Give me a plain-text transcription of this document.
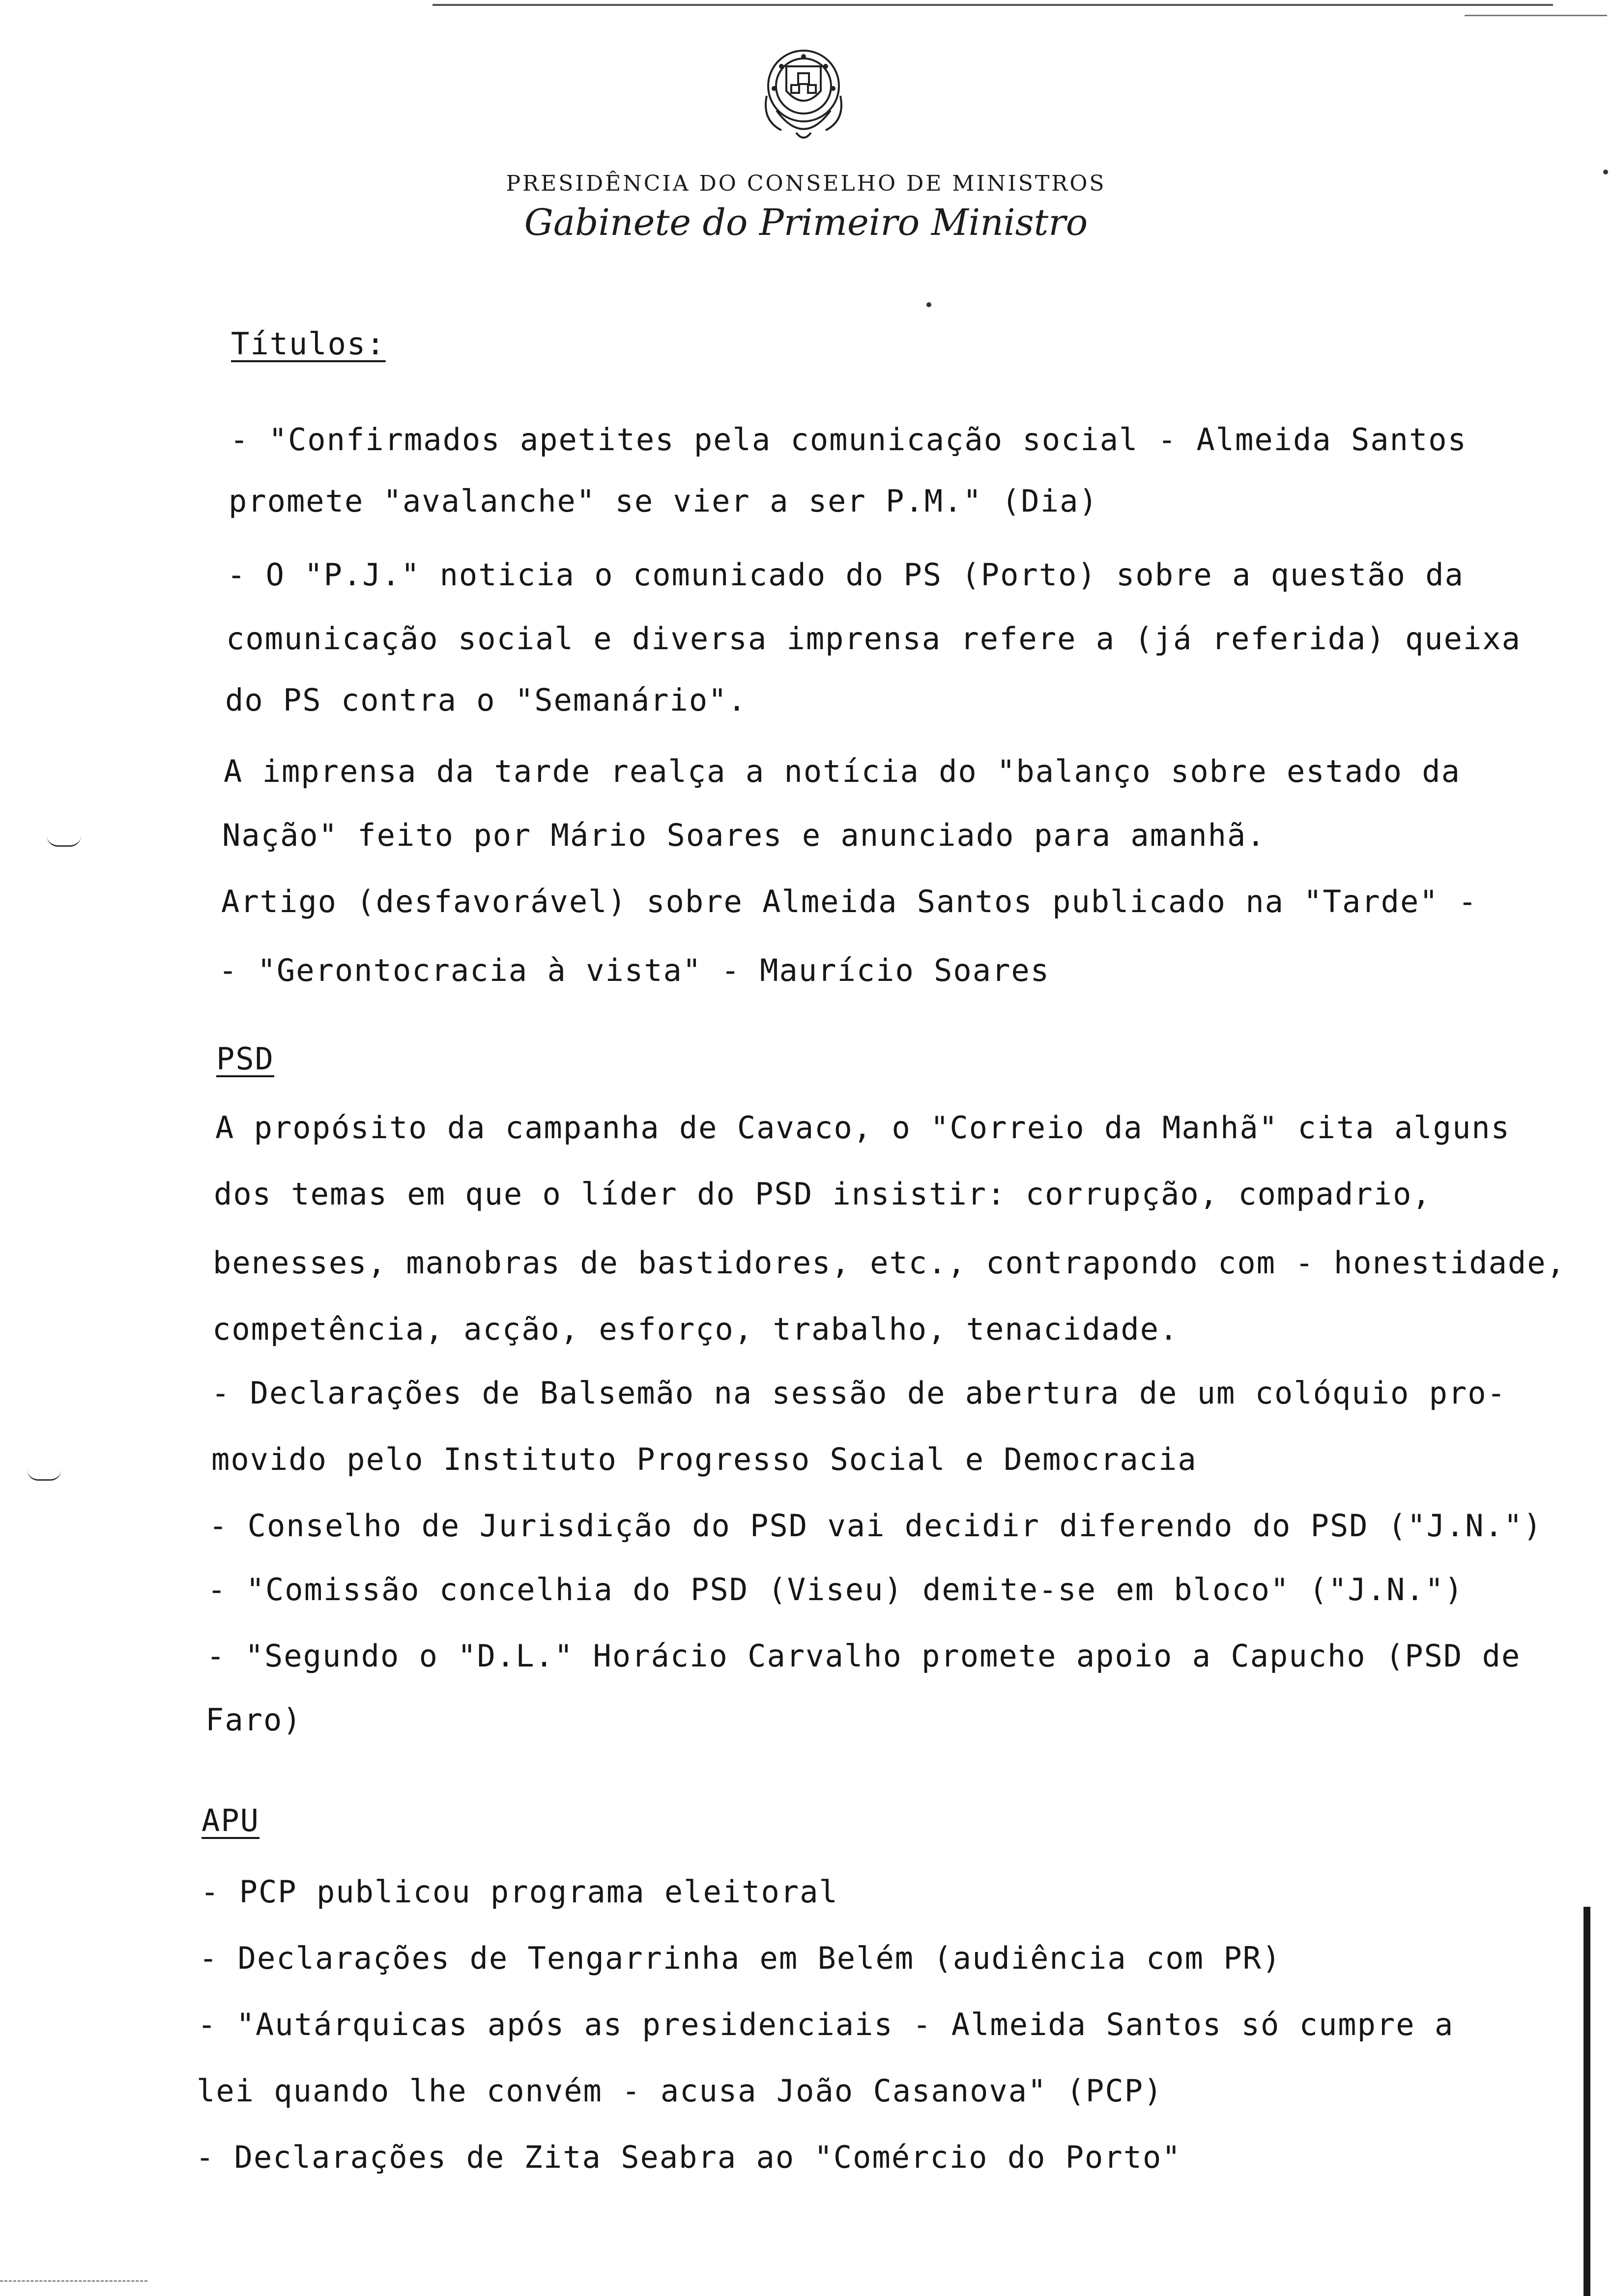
PRESIDÊNCIA DO CONSELHO DE MINISTROS
Gabinete do Primeiro Ministro
Títulos:
- "Confirmados apetites pela comunicação social - Almeida Santos
promete "avalanche" se vier a ser P.M." (Dia)
- O "P.J." noticia o comunicado do PS (Porto) sobre a questão da
comunicação social e diversa imprensa refere a (já referida) queixa
do PS contra o "Semanário".
A imprensa da tarde realça a notícia do "balanço sobre estado da
Nação" feito por Mário Soares e anunciado para amanhã.
Artigo (desfavorável) sobre Almeida Santos publicado na "Tarde" -
- "Gerontocracia à vista" - Maurício Soares
PSD
A propósito da campanha de Cavaco, o "Correio da Manhã" cita alguns
dos temas em que o líder do PSD insistir: corrupção, compadrio,
benesses, manobras de bastidores, etc., contrapondo com - honestidade,
competência, acção, esforço, trabalho, tenacidade.
- Declarações de Balsemão na sessão de abertura de um colóquio pro-
movido pelo Instituto Progresso Social e Democracia
- Conselho de Jurisdição do PSD vai decidir diferendo do PSD ("J.N.")
- "Comissão concelhia do PSD (Viseu) demite-se em bloco" ("J.N.")
- "Segundo o "D.L." Horácio Carvalho promete apoio a Capucho (PSD de
Faro)
APU
- PCP publicou programa eleitoral
- Declarações de Tengarrinha em Belém (audiência com PR)
- "Autárquicas após as presidenciais - Almeida Santos só cumpre a
lei quando lhe convém - acusa João Casanova" (PCP)
- Declarações de Zita Seabra ao "Comércio do Porto"
